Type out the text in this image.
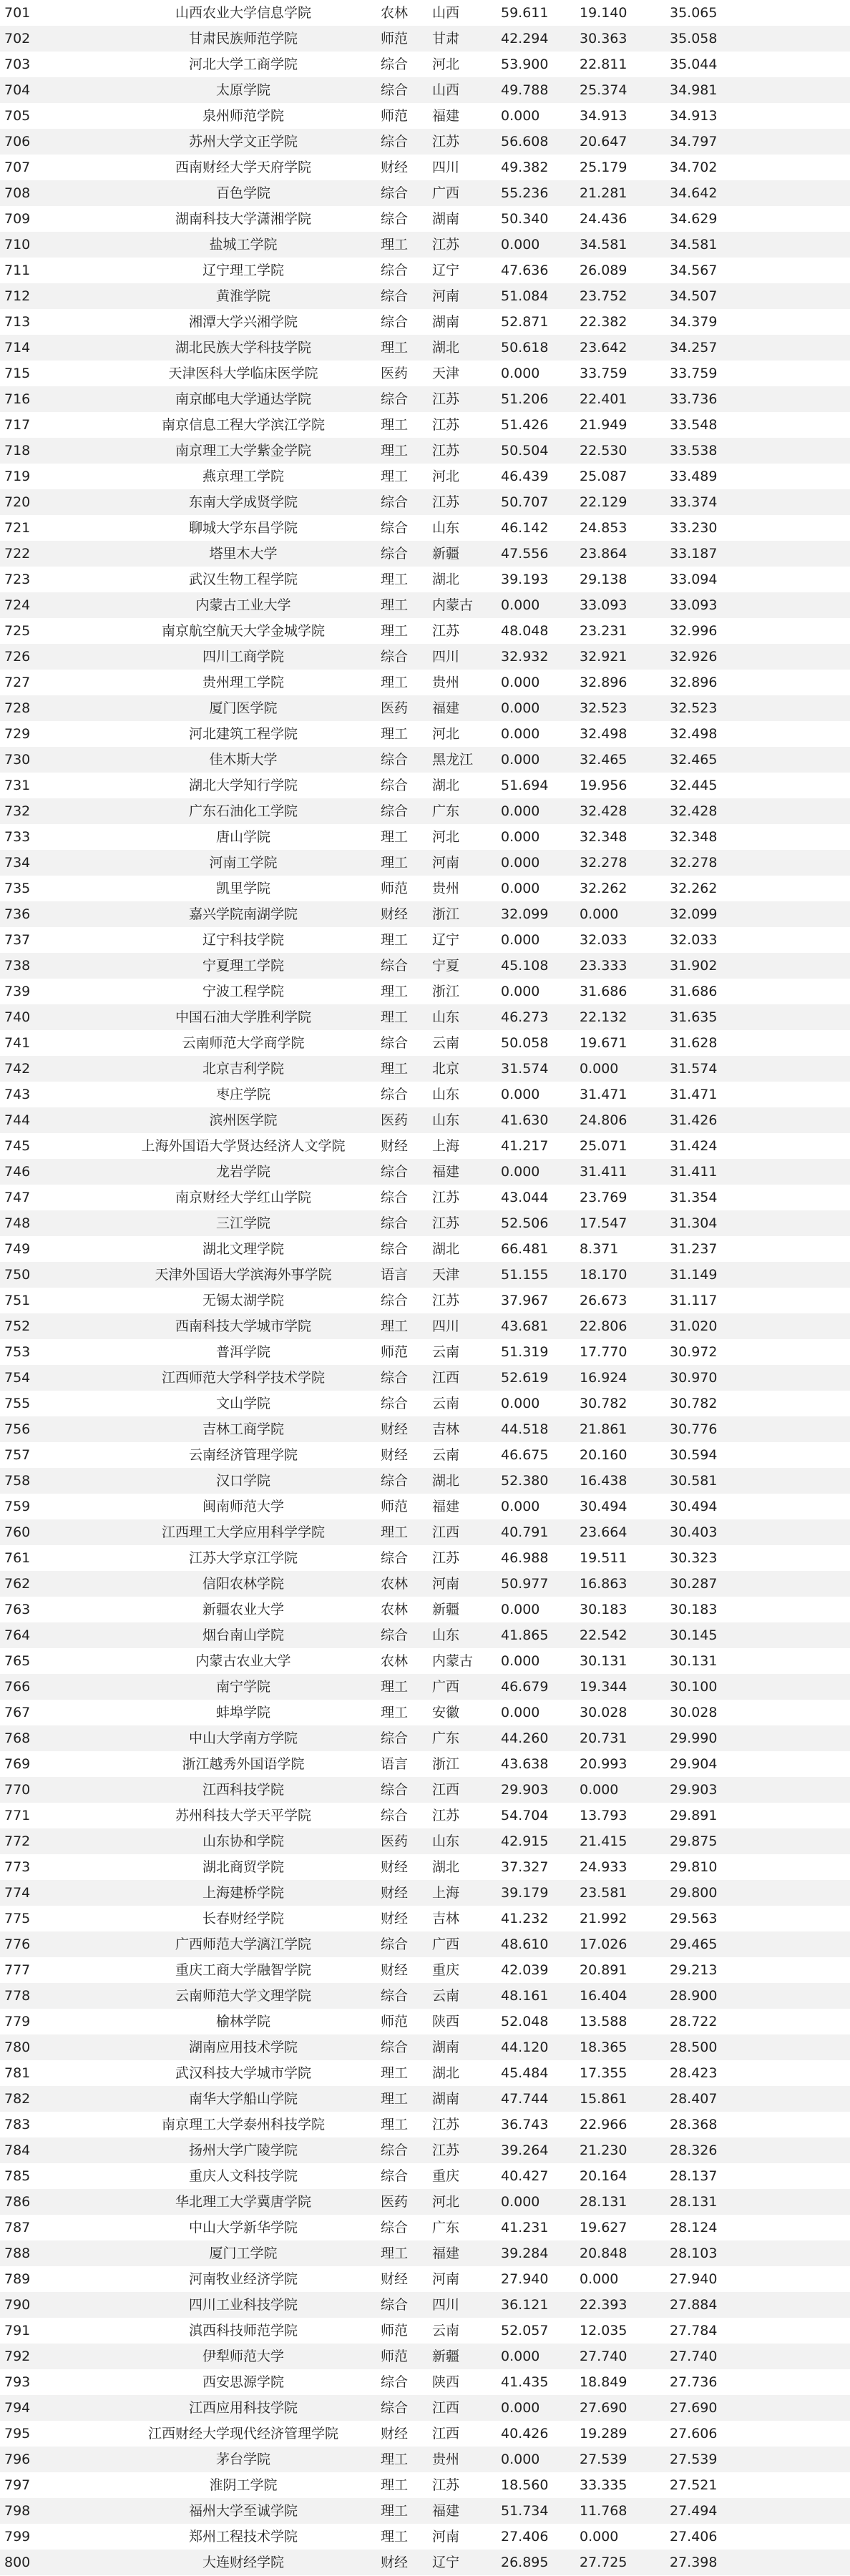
701	山西农业大学信息学院	农林	山西	59.611	19.140	35.065
702	甘肃民族师范学院	师范	甘肃	42.294	30.363	35.058
703	河北大学工商学院	综合	河北	53.900	22.811	35.044
704	太原学院	综合	山西	49.788	25.374	34.981
705	泉州师范学院	师范	福建	0.000	34.913	34.913
706	苏州大学文正学院	综合	江苏	56.608	20.647	34.797
707	西南财经大学天府学院	财经	四川	49.382	25.179	34.702
708	百色学院	综合	广西	55.236	21.281	34.642
709	湖南科技大学潇湘学院	综合	湖南	50.340	24.436	34.629
710	盐城工学院	理工	江苏	0.000	34.581	34.581
711	辽宁理工学院	综合	辽宁	47.636	26.089	34.567
712	黄淮学院	综合	河南	51.084	23.752	34.507
713	湘潭大学兴湘学院	综合	湖南	52.871	22.382	34.379
714	湖北民族大学科技学院	理工	湖北	50.618	23.642	34.257
715	天津医科大学临床医学院	医药	天津	0.000	33.759	33.759
716	南京邮电大学通达学院	综合	江苏	51.206	22.401	33.736
717	南京信息工程大学滨江学院	理工	江苏	51.426	21.949	33.548
718	南京理工大学紫金学院	理工	江苏	50.504	22.530	33.538
719	燕京理工学院	理工	河北	46.439	25.087	33.489
720	东南大学成贤学院	综合	江苏	50.707	22.129	33.374
721	聊城大学东昌学院	综合	山东	46.142	24.853	33.230
722	塔里木大学	综合	新疆	47.556	23.864	33.187
723	武汉生物工程学院	理工	湖北	39.193	29.138	33.094
724	内蒙古工业大学	理工	内蒙古	0.000	33.093	33.093
725	南京航空航天大学金城学院	理工	江苏	48.048	23.231	32.996
726	四川工商学院	综合	四川	32.932	32.921	32.926
727	贵州理工学院	理工	贵州	0.000	32.896	32.896
728	厦门医学院	医药	福建	0.000	32.523	32.523
729	河北建筑工程学院	理工	河北	0.000	32.498	32.498
730	佳木斯大学	综合	黑龙江	0.000	32.465	32.465
731	湖北大学知行学院	综合	湖北	51.694	19.956	32.445
732	广东石油化工学院	综合	广东	0.000	32.428	32.428
733	唐山学院	理工	河北	0.000	32.348	32.348
734	河南工学院	理工	河南	0.000	32.278	32.278
735	凯里学院	师范	贵州	0.000	32.262	32.262
736	嘉兴学院南湖学院	财经	浙江	32.099	0.000	32.099
737	辽宁科技学院	理工	辽宁	0.000	32.033	32.033
738	宁夏理工学院	综合	宁夏	45.108	23.333	31.902
739	宁波工程学院	理工	浙江	0.000	31.686	31.686
740	中国石油大学胜利学院	理工	山东	46.273	22.132	31.635
741	云南师范大学商学院	综合	云南	50.058	19.671	31.628
742	北京吉利学院	理工	北京	31.574	0.000	31.574
743	枣庄学院	综合	山东	0.000	31.471	31.471
744	滨州医学院	医药	山东	41.630	24.806	31.426
745	上海外国语大学贤达经济人文学院	财经	上海	41.217	25.071	31.424
746	龙岩学院	综合	福建	0.000	31.411	31.411
747	南京财经大学红山学院	综合	江苏	43.044	23.769	31.354
748	三江学院	综合	江苏	52.506	17.547	31.304
749	湖北文理学院	综合	湖北	66.481	8.371	31.237
750	天津外国语大学滨海外事学院	语言	天津	51.155	18.170	31.149
751	无锡太湖学院	综合	江苏	37.967	26.673	31.117
752	西南科技大学城市学院	理工	四川	43.681	22.806	31.020
753	普洱学院	师范	云南	51.319	17.770	30.972
754	江西师范大学科学技术学院	综合	江西	52.619	16.924	30.970
755	文山学院	综合	云南	0.000	30.782	30.782
756	吉林工商学院	财经	吉林	44.518	21.861	30.776
757	云南经济管理学院	财经	云南	46.675	20.160	30.594
758	汉口学院	综合	湖北	52.380	16.438	30.581
759	闽南师范大学	师范	福建	0.000	30.494	30.494
760	江西理工大学应用科学学院	理工	江西	40.791	23.664	30.403
761	江苏大学京江学院	综合	江苏	46.988	19.511	30.323
762	信阳农林学院	农林	河南	50.977	16.863	30.287
763	新疆农业大学	农林	新疆	0.000	30.183	30.183
764	烟台南山学院	综合	山东	41.865	22.542	30.145
765	内蒙古农业大学	农林	内蒙古	0.000	30.131	30.131
766	南宁学院	理工	广西	46.679	19.344	30.100
767	蚌埠学院	理工	安徽	0.000	30.028	30.028
768	中山大学南方学院	综合	广东	44.260	20.731	29.990
769	浙江越秀外国语学院	语言	浙江	43.638	20.993	29.904
770	江西科技学院	综合	江西	29.903	0.000	29.903
771	苏州科技大学天平学院	综合	江苏	54.704	13.793	29.891
772	山东协和学院	医药	山东	42.915	21.415	29.875
773	湖北商贸学院	财经	湖北	37.327	24.933	29.810
774	上海建桥学院	财经	上海	39.179	23.581	29.800
775	长春财经学院	财经	吉林	41.232	21.992	29.563
776	广西师范大学漓江学院	综合	广西	48.610	17.026	29.465
777	重庆工商大学融智学院	财经	重庆	42.039	20.891	29.213
778	云南师范大学文理学院	综合	云南	48.161	16.404	28.900
779	榆林学院	师范	陕西	52.048	13.588	28.722
780	湖南应用技术学院	综合	湖南	44.120	18.365	28.500
781	武汉科技大学城市学院	理工	湖北	45.484	17.355	28.423
782	南华大学船山学院	理工	湖南	47.744	15.861	28.407
783	南京理工大学泰州科技学院	理工	江苏	36.743	22.966	28.368
784	扬州大学广陵学院	综合	江苏	39.264	21.230	28.326
785	重庆人文科技学院	综合	重庆	40.427	20.164	28.137
786	华北理工大学冀唐学院	医药	河北	0.000	28.131	28.131
787	中山大学新华学院	综合	广东	41.231	19.627	28.124
788	厦门工学院	理工	福建	39.284	20.848	28.103
789	河南牧业经济学院	财经	河南	27.940	0.000	27.940
790	四川工业科技学院	综合	四川	36.121	22.393	27.884
791	滇西科技师范学院	师范	云南	52.057	12.035	27.784
792	伊犁师范大学	师范	新疆	0.000	27.740	27.740
793	西安思源学院	综合	陕西	41.435	18.849	27.736
794	江西应用科技学院	综合	江西	0.000	27.690	27.690
795	江西财经大学现代经济管理学院	财经	江西	40.426	19.289	27.606
796	茅台学院	理工	贵州	0.000	27.539	27.539
797	淮阴工学院	理工	江苏	18.560	33.335	27.521
798	福州大学至诚学院	理工	福建	51.734	11.768	27.494
799	郑州工程技术学院	理工	河南	27.406	0.000	27.406
800	大连财经学院	财经	辽宁	26.895	27.725	27.398
